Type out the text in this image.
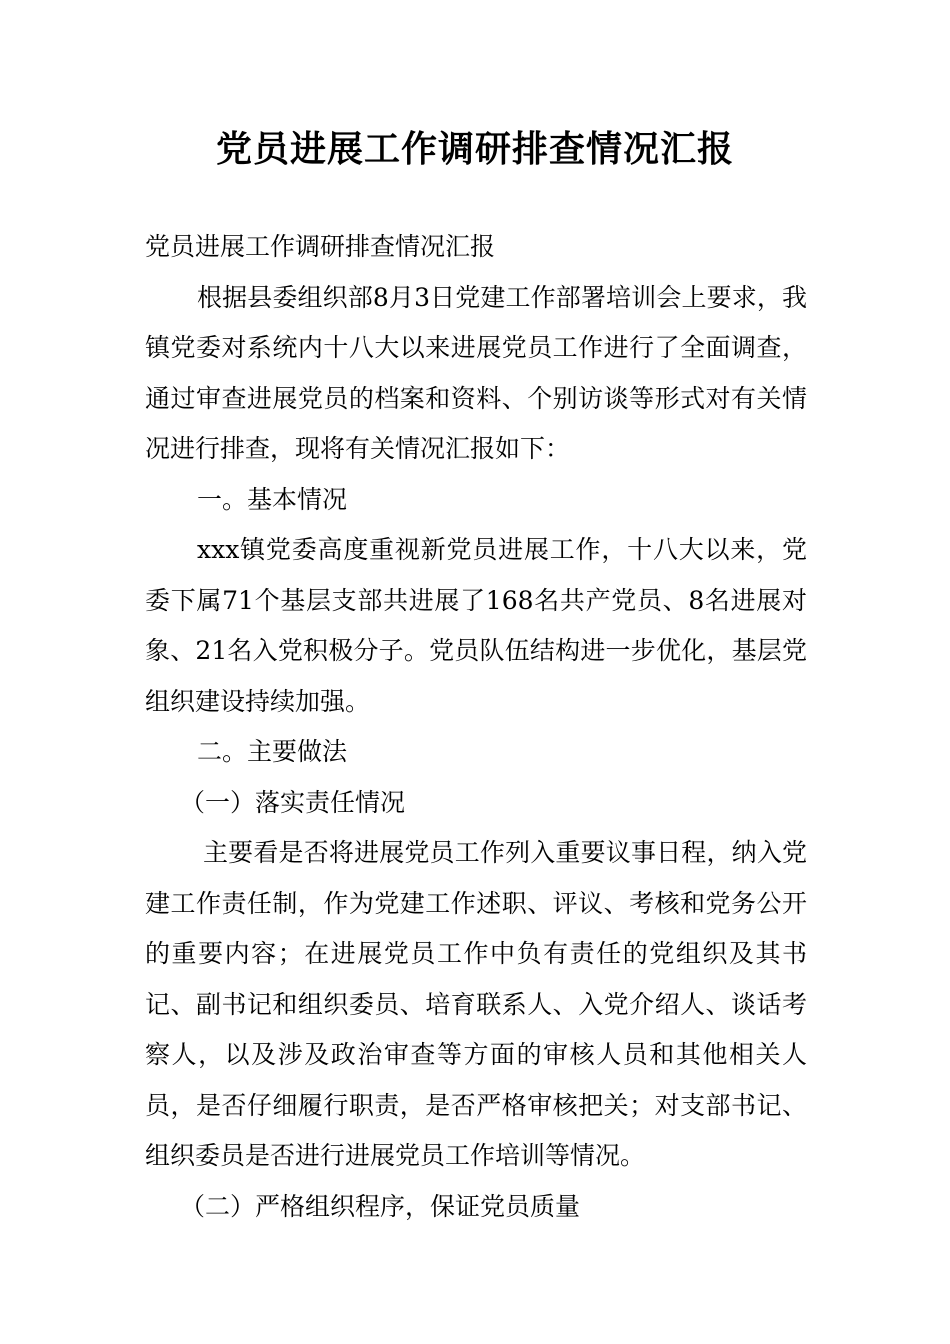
党员进展工作调研排查情况汇报

党员进展工作调研排查情况汇报

根据县委组织部8月3日党建工作部署培训会上要求，我镇党委对系统内十八大以来进展党员工作进行了全面调查，通过审查进展党员的档案和资料、个别访谈等形式对有关情况进行排查，现将有关情况汇报如下：

一。基本情况

xxx镇党委高度重视新党员进展工作，十八大以来，党委下属71个基层支部共进展了168名共产党员、8名进展对象、21名入党积极分子。党员队伍结构进一步优化，基层党组织建设持续加强。

二。主要做法

（一）落实责任情况

主要看是否将进展党员工作列入重要议事日程，纳入党建工作责任制，作为党建工作述职、评议、考核和党务公开的重要内容；在进展党员工作中负有责任的党组织及其书记、副书记和组织委员、培育联系人、入党介绍人、谈话考察人，以及涉及政治审查等方面的审核人员和其他相关人员，是否仔细履行职责，是否严格审核把关；对支部书记、组织委员是否进行进展党员工作培训等情况。

（二）严格组织程序，保证党员质量
